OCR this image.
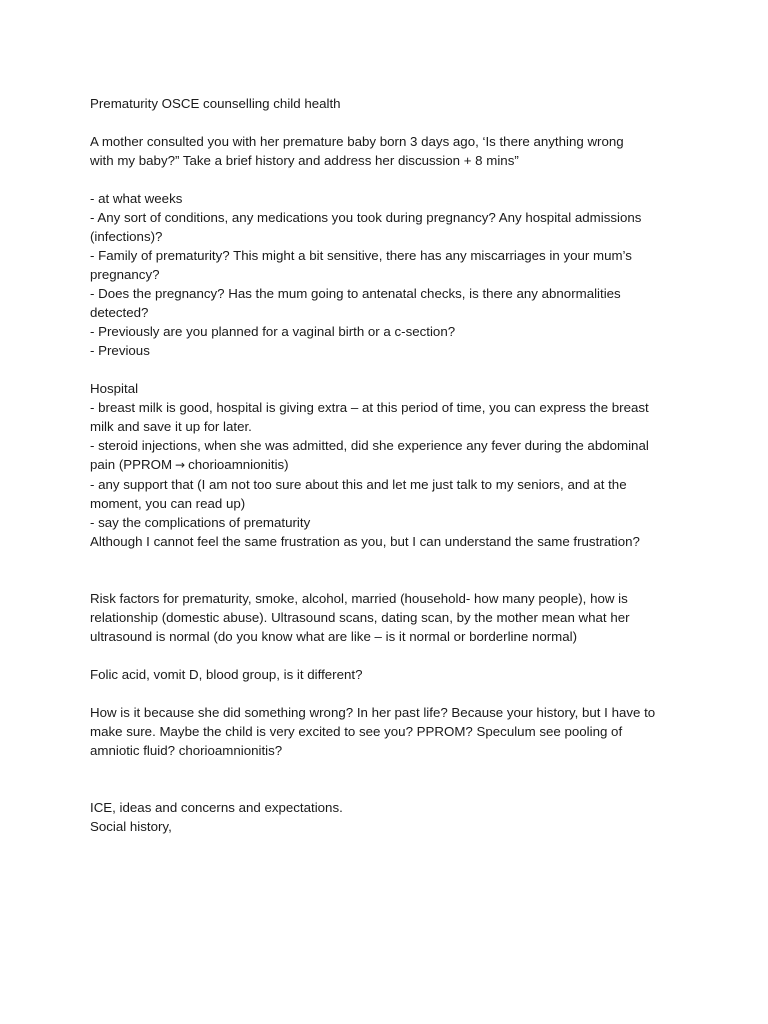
Prematurity OSCE counselling child health
A mother consulted you with her premature baby born 3 days ago, ‘Is there anything wrong
with my baby?” Take a brief history and address her discussion + 8 mins”
- at what weeks
- Any sort of conditions, any medications you took during pregnancy? Any hospital admissions
(infections)?
- Family of prematurity? This might a bit sensitive, there has any miscarriages in your mum’s
pregnancy?
- Does the pregnancy? Has the mum going to antenatal checks, is there any abnormalities
detected?
- Previously are you planned for a vaginal birth or a c-section?
- Previous
Hospital
- breast milk is good, hospital is giving extra – at this period of time, you can express the breast
milk and save it up for later.
- steroid injections, when she was admitted, did she experience any fever during the abdominal
pain (PPROM → chorioamnionitis)
- any support that (I am not too sure about this and let me just talk to my seniors, and at the
moment, you can read up)
- say the complications of prematurity
Although I cannot feel the same frustration as you, but I can understand the same frustration?
Risk factors for prematurity, smoke, alcohol, married (household- how many people), how is
relationship (domestic abuse). Ultrasound scans, dating scan, by the mother mean what her
ultrasound is normal (do you know what are like – is it normal or borderline normal)
Folic acid, vomit D, blood group, is it different?
How is it because she did something wrong? In her past life? Because your history, but I have to
make sure. Maybe the child is very excited to see you? PPROM? Speculum see pooling of
amniotic fluid? chorioamnionitis?
ICE, ideas and concerns and expectations.
Social history,
